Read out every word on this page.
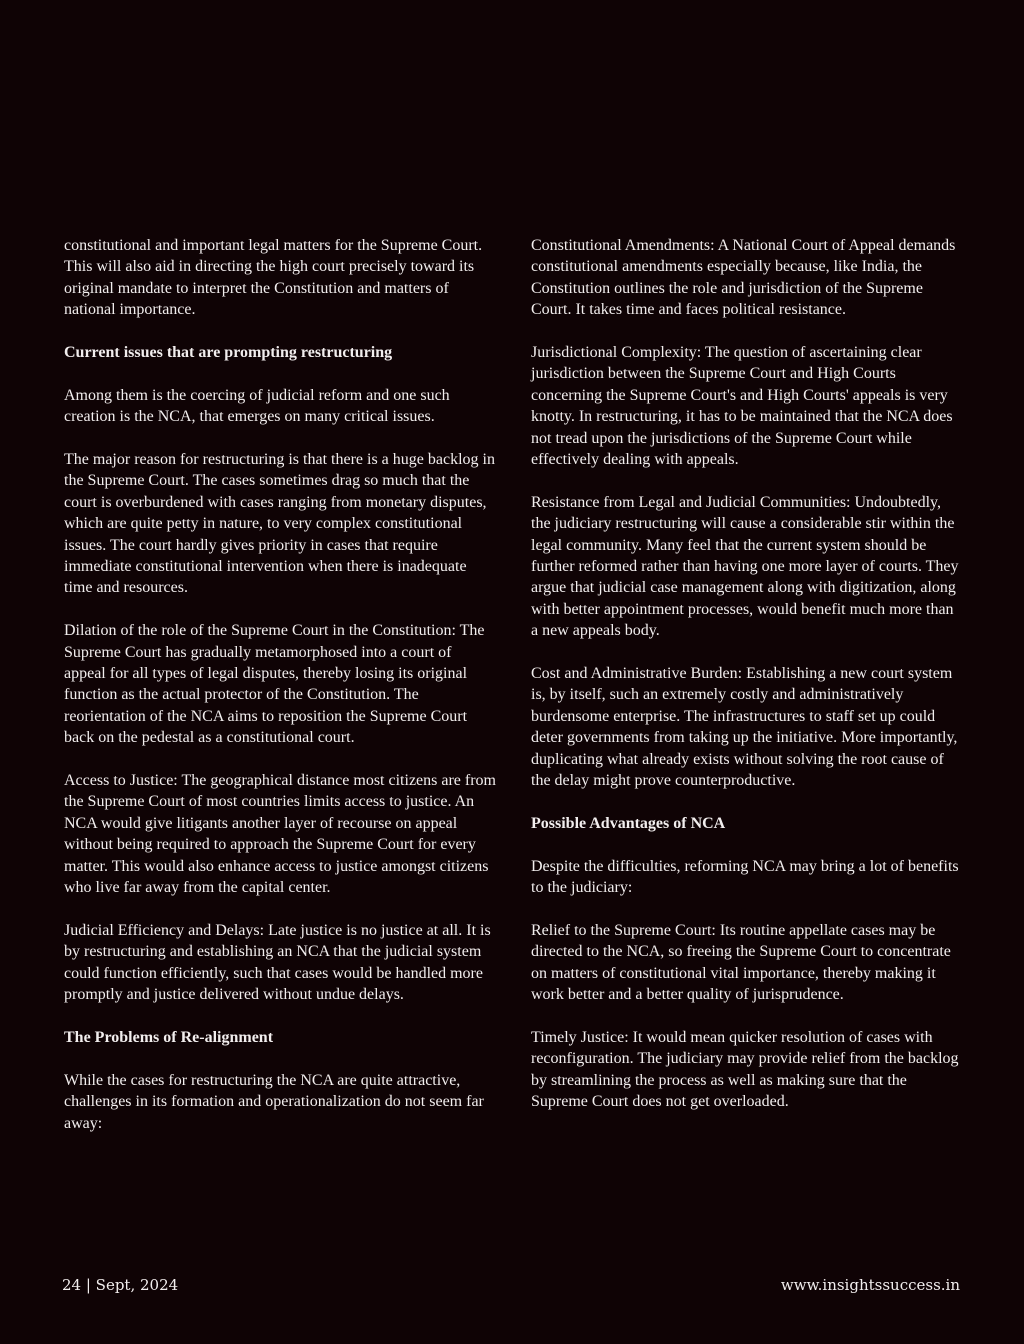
constitutional and important legal matters for the Supreme Court. This will also aid in directing the high court precisely toward its original mandate to interpret the Constitution and matters of national importance.

Current issues that are prompting restructuring

Among them is the coercing of judicial reform and one such creation is the NCA, that emerges on many critical issues.

The major reason for restructuring is that there is a huge backlog in the Supreme Court. The cases sometimes drag so much that the court is overburdened with cases ranging from monetary disputes, which are quite petty in nature, to very complex constitutional issues. The court hardly gives priority in cases that require immediate constitutional intervention when there is inadequate time and resources.

Dilation of the role of the Supreme Court in the Constitution: The Supreme Court has gradually metamorphosed into a court of appeal for all types of legal disputes, thereby losing its original function as the actual protector of the Constitution. The reorientation of the NCA aims to reposition the Supreme Court back on the pedestal as a constitutional court.

Access to Justice: The geographical distance most citizens are from the Supreme Court of most countries limits access to justice. An NCA would give litigants another layer of recourse on appeal without being required to approach the Supreme Court for every matter. This would also enhance access to justice amongst citizens who live far away from the capital center.

Judicial Efficiency and Delays: Late justice is no justice at all. It is by restructuring and establishing an NCA that the judicial system could function efficiently, such that cases would be handled more promptly and justice delivered without undue delays.

The Problems of Re-alignment

While the cases for restructuring the NCA are quite attractive, challenges in its formation and operationalization do not seem far away:

Constitutional Amendments: A National Court of Appeal demands constitutional amendments especially because, like India, the Constitution outlines the role and jurisdiction of the Supreme Court. It takes time and faces political resistance.

Jurisdictional Complexity: The question of ascertaining clear jurisdiction between the Supreme Court and High Courts concerning the Supreme Court's and High Courts' appeals is very knotty. In restructuring, it has to be maintained that the NCA does not tread upon the jurisdictions of the Supreme Court while effectively dealing with appeals.

Resistance from Legal and Judicial Communities: Undoubtedly, the judiciary restructuring will cause a considerable stir within the legal community. Many feel that the current system should be further reformed rather than having one more layer of courts. They argue that judicial case management along with digitization, along with better appointment processes, would benefit much more than a new appeals body.

Cost and Administrative Burden: Establishing a new court system is, by itself, such an extremely costly and administratively burdensome enterprise. The infrastructures to staff set up could deter governments from taking up the initiative. More importantly, duplicating what already exists without solving the root cause of the delay might prove counterproductive.

Possible Advantages of NCA

Despite the difficulties, reforming NCA may bring a lot of benefits to the judiciary:

Relief to the Supreme Court: Its routine appellate cases may be directed to the NCA, so freeing the Supreme Court to concentrate on matters of constitutional vital importance, thereby making it work better and a better quality of jurisprudence.

Timely Justice: It would mean quicker resolution of cases with reconfiguration. The judiciary may provide relief from the backlog by streamlining the process as well as making sure that the Supreme Court does not get overloaded.

24 | Sept, 2024	www.insightssuccess.in
